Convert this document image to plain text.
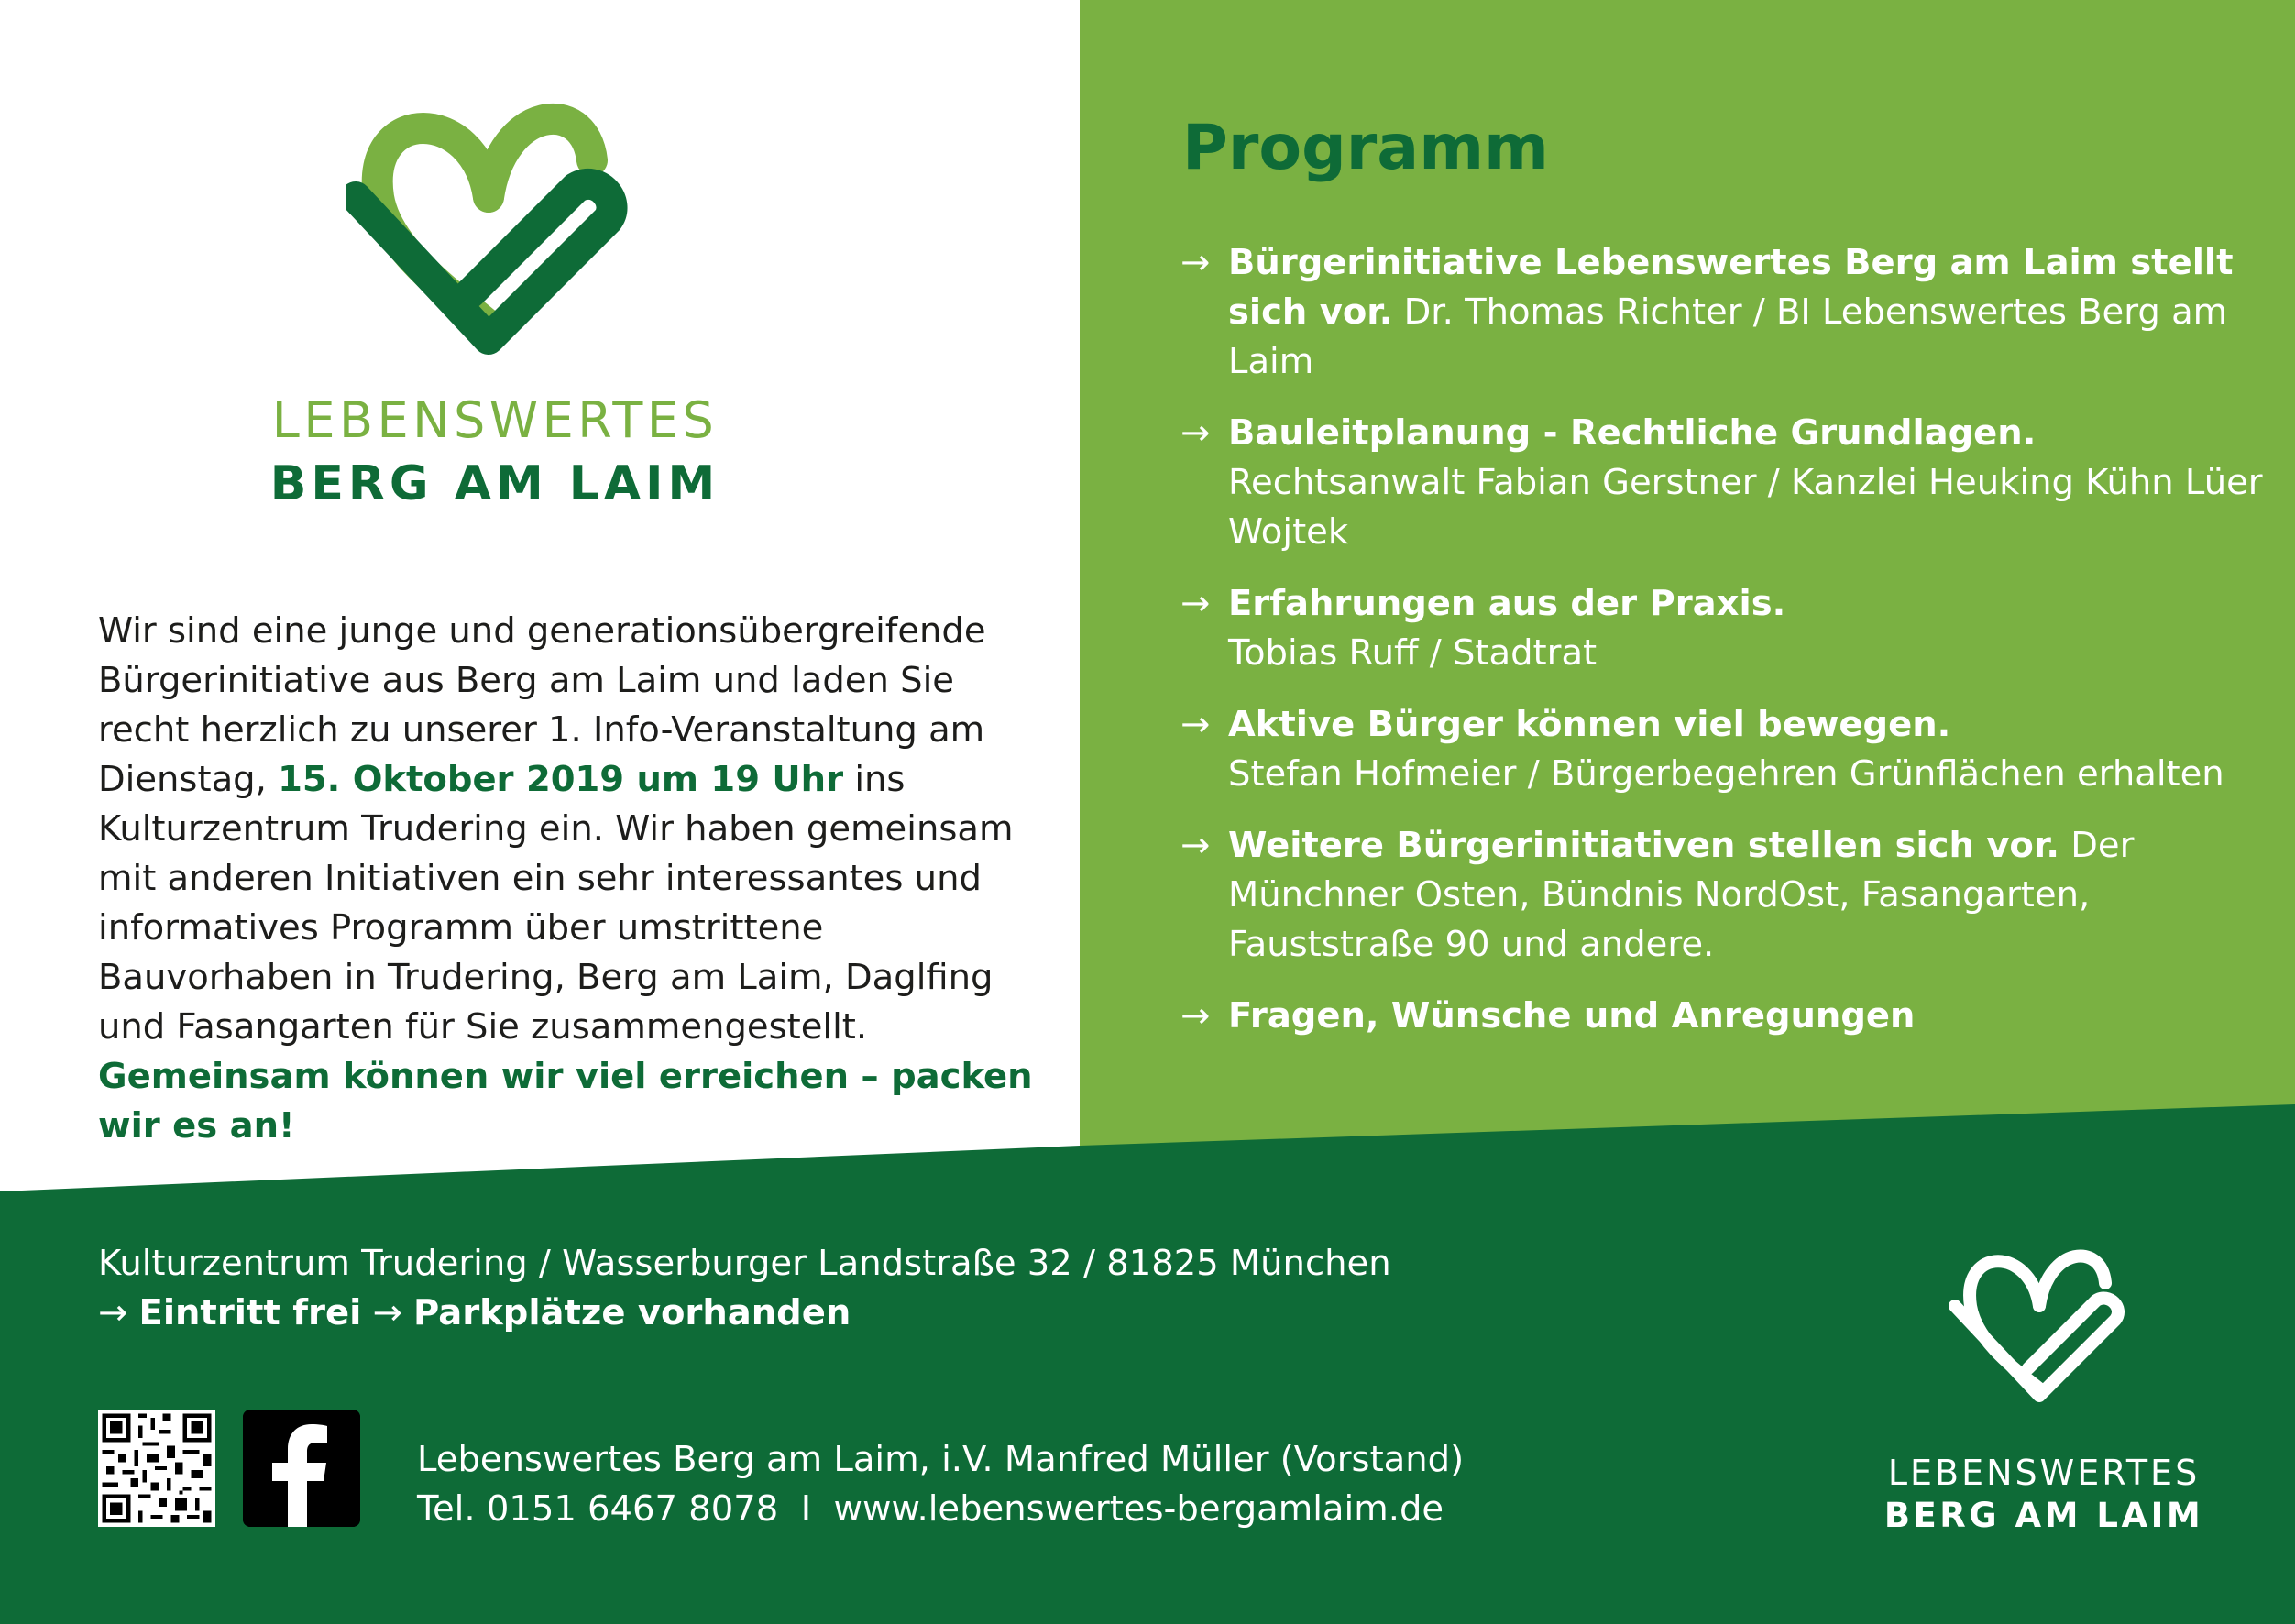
LEBENSWERTES
BERG AM LAIM

Wir sind eine junge und generationsübergreifende Bürgerinitiative aus Berg am Laim und laden Sie recht herzlich zu unserer 1. Info-Veranstaltung am Dienstag, 15. Oktober 2019 um 19 Uhr ins Kulturzentrum Trudering ein. Wir haben gemeinsam mit anderen Initiativen ein sehr interessantes und informatives Programm über umstrittene Bauvorhaben in Trudering, Berg am Laim, Daglfing und Fasangarten für Sie zusammengestellt. Gemeinsam können wir viel erreichen – packen wir es an!

Programm
→ Bürgerinitiative Lebenswertes Berg am Laim stellt sich vor. Dr. Thomas Richter / BI Lebenswertes Berg am Laim
→ Bauleitplanung - Rechtliche Grundlagen.
Rechtsanwalt Fabian Gerstner / Kanzlei Heuking Kühn Lüer Wojtek
→ Erfahrungen aus der Praxis.
Tobias Ruff / Stadtrat
→ Aktive Bürger können viel bewegen.
Stefan Hofmeier / Bürgerbegehren Grünflächen erhalten
→ Weitere Bürgerinitiativen stellen sich vor. Der Münchner Osten, Bündnis NordOst, Fasangarten, Fauststraße 90 und andere.
→ Fragen, Wünsche und Anregungen

Kulturzentrum Trudering / Wasserburger Landstraße 32 / 81825 München
→ Eintritt frei → Parkplätze vorhanden

Lebenswertes Berg am Laim, i.V. Manfred Müller (Vorstand)
Tel. 0151 6467 8078  I  www.lebenswertes-bergamlaim.de

LEBENSWERTES
BERG AM LAIM
